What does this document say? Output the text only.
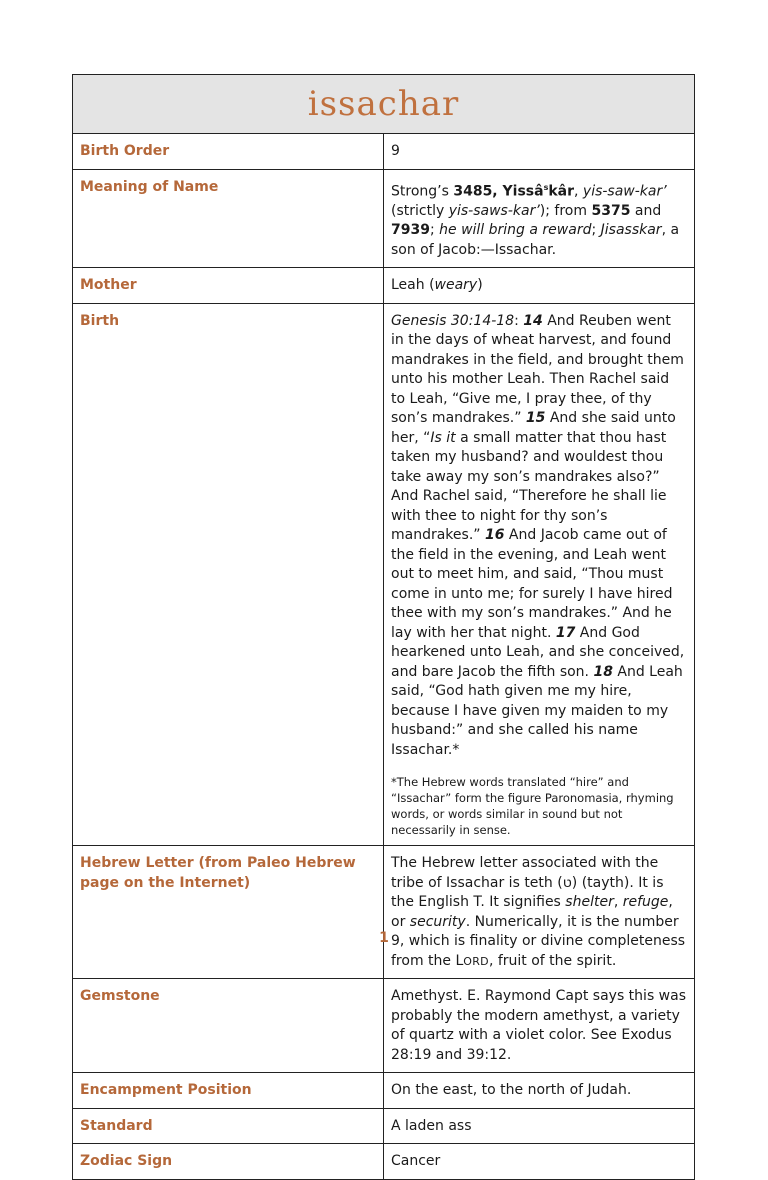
issachar	
Birth Order	9
Meaning of Name	Strong’s 3485, Yissâ$^s$kâr, yis-saw-kar’ (strictly yis-saws-kar’); from 5375 and 7939; he will bring a reward; Jisasskar, a son of Jacob:—Issachar.
Mother	Leah (weary)
Birth	Genesis 30:14-18: 14 And Reuben went in the days of wheat harvest, and found mandrakes in the field, and brought them unto his mother Leah. Then Rachel said to Leah, “Give me, I pray thee, of thy son’s mandrakes.” 15 And she said unto her, “Is it a small matter that thou hast taken my husband? and wouldest thou take away my son’s mandrakes also?” And Rachel said, “Therefore he shall lie with thee to night for thy son’s mandrakes.” 16 And Jacob came out of the field in the evening, and Leah went out to meet him, and said, “Thou must come in unto me; for surely I have hired thee with my son’s mandrakes.” And he lay with her that night. 17 And God hearkened unto Leah, and she conceived, and bare Jacob the fifth son. 18 And Leah said, “God hath given me my hire, because I have given my maiden to my husband:” and she called his name Issachar.*
*The Hebrew words translated “hire” and “Issachar” form the figure Paronomasia, rhyming words, or words similar in sound but not necessarily in sense.

Hebrew Letter (from Paleo Hebrew page on the Internet)	The Hebrew letter associated with the tribe of Issachar is teth (ט) (tayth). It is the English T. It signifies shelter, refuge, or security. Numerically, it is the number 9, which is finality or divine completeness from the LORD, fruit of the spirit.
Gemstone	Amethyst. E. Raymond Capt says this was probably the modern amethyst, a variety of quartz with a violet color. See Exodus 28:19 and 39:12.
Encampment Position	On the east, to the north of Judah.
Standard	A laden ass
Zodiac Sign	Cancer
1
